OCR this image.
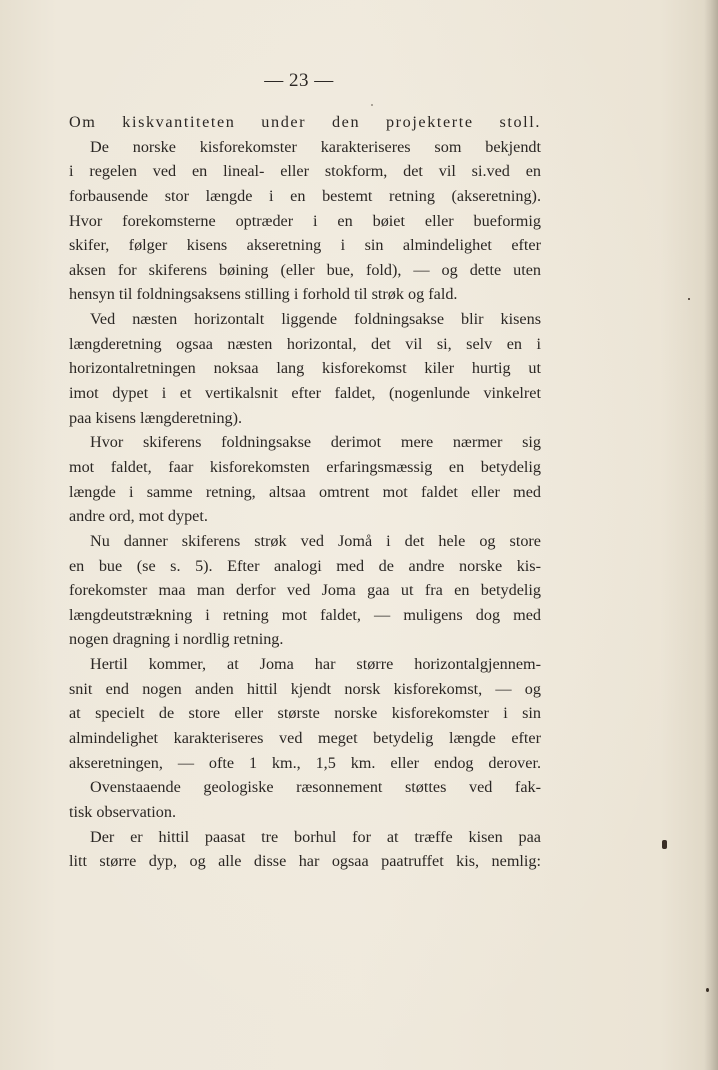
— 23 —
Om kiskvantiteten under den projekterte stoll.
De norske kisforekomster karakteriseres som bekjendt
i regelen ved en lineal- eller stokform, det vil si.ved en
forbausende stor længde i en bestemt retning (akseretning).
Hvor forekomsterne optræder i en bøiet eller bueformig
skifer, følger kisens akseretning i sin almindelighet efter
aksen for skiferens bøining (eller bue, fold), — og dette uten
hensyn til foldningsaksens stilling i forhold til strøk og fald.
Ved næsten horizontalt liggende foldningsakse blir kisens
længderetning ogsaa næsten horizontal, det vil si, selv en i
horizontalretningen noksaa lang kisforekomst kiler hurtig ut
imot dypet i et vertikalsnit efter faldet, (nogenlunde vinkelret
paa kisens længderetning).
Hvor skiferens foldningsakse derimot mere nærmer sig
mot faldet, faar kisforekomsten erfaringsmæssig en betydelig
længde i samme retning, altsaa omtrent mot faldet eller med
andre ord, mot dypet.
Nu danner skiferens strøk ved Jomå i det hele og store
en bue (se s. 5). Efter analogi med de andre norske kis-
forekomster maa man derfor ved Joma gaa ut fra en betydelig
længdeutstrækning i retning mot faldet, — muligens dog med
nogen dragning i nordlig retning.
Hertil kommer, at Joma har større horizontalgjennem-
snit end nogen anden hittil kjendt norsk kisforekomst, — og
at specielt de store eller største norske kisforekomster i sin
almindelighet karakteriseres ved meget betydelig længde efter
akseretningen, — ofte 1 km., 1,5 km. eller endog derover.
Ovenstaaende geologiske ræsonnement støttes ved fak-
tisk observation.
Der er hittil paasat tre borhul for at træffe kisen paa
litt større dyp, og alle disse har ogsaa paatruffet kis, nemlig:
